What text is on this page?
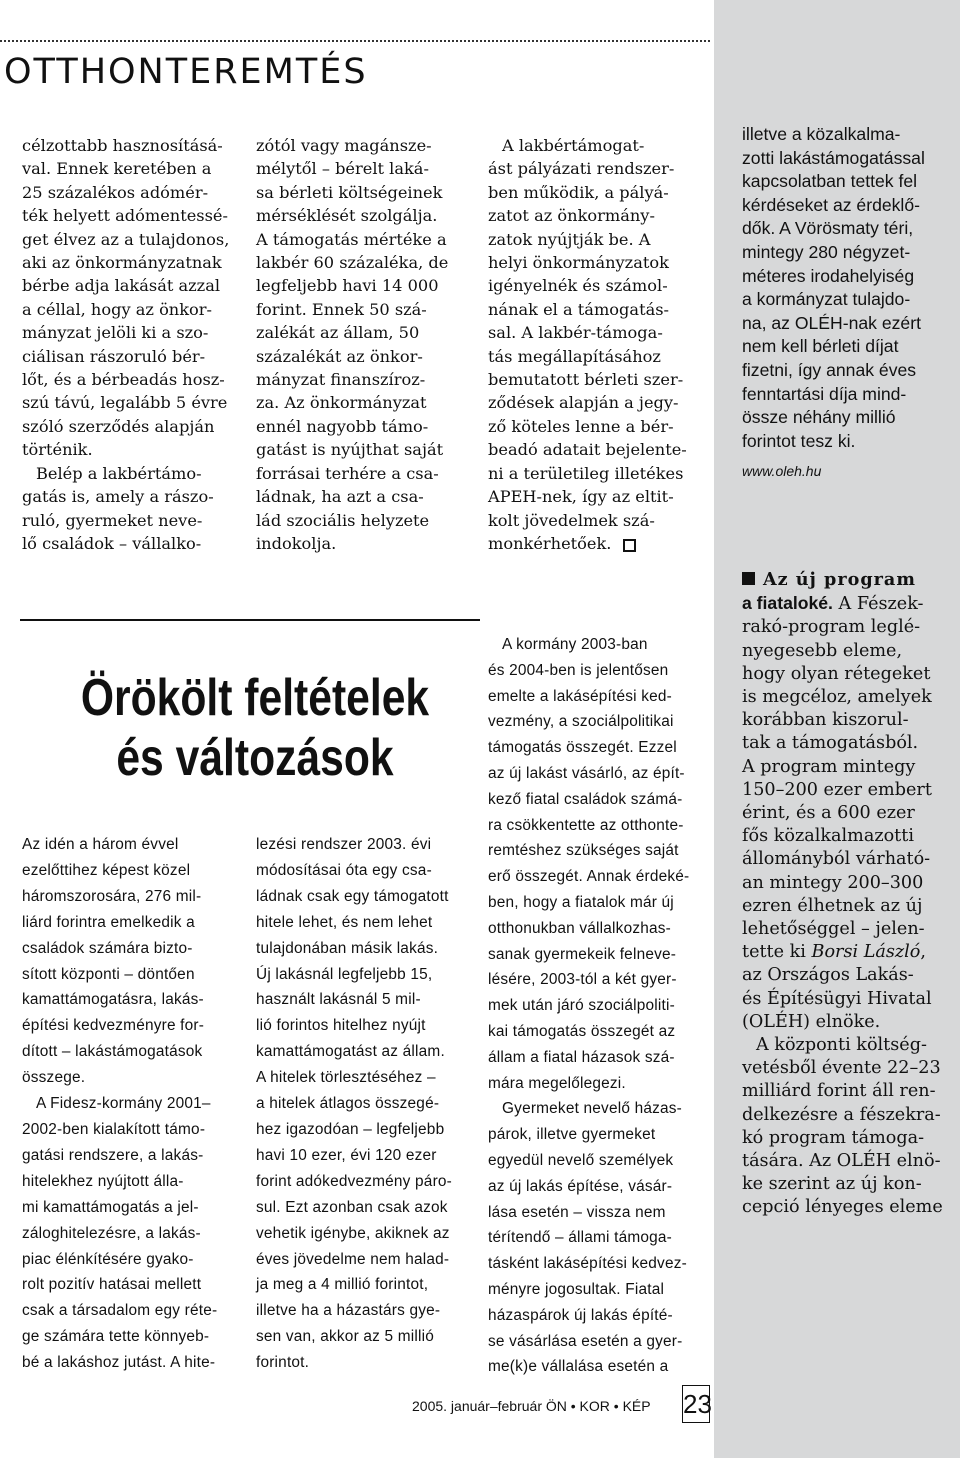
OTTHONTEREMTÉS
célzottabb hasznosításá-
val. Ennek keretében a
25 százalékos adómér-
ték helyett adómentessé-
get élvez az a tulajdonos,
aki az önkormányzatnak
bérbe adja lakását azzal
a céllal, hogy az önkor-
mányzat jelöli ki a szo-
ciálisan rászoruló bér-
lőt, és a bérbeadás hosz-
szú távú, legalább 5 évre
szóló szerződés alapján
történik.
Belép a lakbértámo-
gatás is, amely a rászo-
ruló, gyermeket neve-
lő családok – vállalko-
zótól vagy magánsze-
mélytől – bérelt laká-
sa bérleti költségeinek
mérséklését szolgálja.
A támogatás mértéke a
lakbér 60 százaléka, de
legfeljebb havi 14 000
forint. Ennek 50 szá-
zalékát az állam, 50
százalékát az önkor-
mányzat finanszíroz-
za. Az önkormányzat
ennél nagyobb támo-
gatást is nyújthat saját
forrásai terhére a csa-
ládnak, ha azt a csa-
lád szociális helyzete
indokolja.
A lakbértámogat-
ást pályázati rendszer-
ben működik, a pályá-
zatot az önkormány-
zatok nyújtják be. A
helyi önkormányzatok
igényelnék és számol-
nának el a támogatás-
sal. A lakbér-támoga-
tás megállapításához
bemutatott bérleti szer-
ződések alapján a jegy-
ző köteles lenne a bér-
beadó adatait bejelente-
ni a területileg illetékes
APEH-nek, így az eltit-
kolt jövedelmek szá-
monkérhetőek.
illetve a közalkalma-
zotti lakástámogatással
kapcsolatban tettek fel
kérdéseket az érdeklő-
dők. A Vörösmaty téri,
mintegy 280 négyzet-
méteres irodahelyiség
a kormányzat tulajdo-
na, az OLÉH-nak ezért
nem kell bérleti díjat
fizetni, így annak éves
fenntartási díja mind-
össze néhány millió
forintot tesz ki.
www.oleh.hu
Az új program
a fiataloké. A Fészek-
rakó-program leglé-
nyegesebb eleme,
hogy olyan rétegeket
is megcéloz, amelyek
korábban kiszorul-
tak a támogatásból.
A program mintegy
150–200 ezer embert
érint, és a 600 ezer
fős közalkalmazotti
állományból várható-
an mintegy 200–300
ezren élhetnek az új
lehetőséggel – jelen-
tette ki Borsi László,
az Országos Lakás-
és Építésügyi Hivatal
(OLÉH) elnöke.
A központi költség-
vetésből évente 22–23
milliárd forint áll ren-
delkezésre a fészekra-
kó program támoga-
tására. Az OLÉH elnö-
ke szerint az új kon-
cepció lényeges eleme
Örökölt feltételek
és változások
Az idén a három évvel
ezelőttihez képest közel
háromszorosára, 276 mil-
liárd forintra emelkedik a
családok számára bizto-
sított központi – döntően
kamattámogatásra, lakás-
építési kedvezményre for-
dított – lakástámogatások
összege.
A Fidesz-kormány 2001–
2002-ben kialakított támo-
gatási rendszere, a lakás-
hitelekhez nyújtott állа-
mi kamattámogatás a jel-
záloghitelezésre, a lakás-
piac élénkítésére gyako-
rolt pozitív hatásai mellett
csak a társadalom egy réte-
ge számára tette könnyeb-
bé a lakáshoz jutást. A hite-
lezési rendszer 2003. évi
módosításai óta egy csa-
ládnak csak egy támogatott
hitele lehet, és nem lehet
tulajdonában másik lakás.
Új lakásnál legfeljebb 15,
használt lakásnál 5 mil-
lió forintos hitelhez nyújt
kamattámogatást az állam.
A hitelek törlesztéséhez –
a hitelek átlagos összegé-
hez igazodóan – legfeljebb
havi 10 ezer, évi 120 ezer
forint adókedvezmény páro-
sul. Ezt azonban csak azok
vehetik igénybe, akiknek az
éves jövedelme nem halad-
ja meg a 4 millió forintot,
illetve ha a házastárs gye-
sen van, akkor az 5 millió
forintot.
A kormány 2003-ban
és 2004-ben is jelentősen
emelte a lakásépítési ked-
vezmény, a szociálpolitikai
támogatás összegét. Ezzel
az új lakást vásárló, az épít-
kező fiatal családok számá-
ra csökkentette az otthonte-
remtéshez szükséges saját
erő összegét. Annak érdeké-
ben, hogy a fiatalok már új
otthonukban vállalkozhas-
sanak gyermekeik felneve-
lésére, 2003-tól a két gyer-
mek után járó szociálpoliti-
kai támogatás összegét az
állam a fiatal házasok szá-
mára megelőlegezi.
Gyermeket nevelő házas-
párok, illetve gyermeket
egyedül nevelő személyek
az új lakás építése, vásár-
lása esetén – vissza nem
térítendő – állami támoga-
tásként lakásépítési kedvez-
ményre jogosultak. Fiatal
házaspárok új lakás építé-
se vásárlása esetén a gyer-
me(k)e vállalása esetén a
2005. január–február ÖN • KOR • KÉP 23
